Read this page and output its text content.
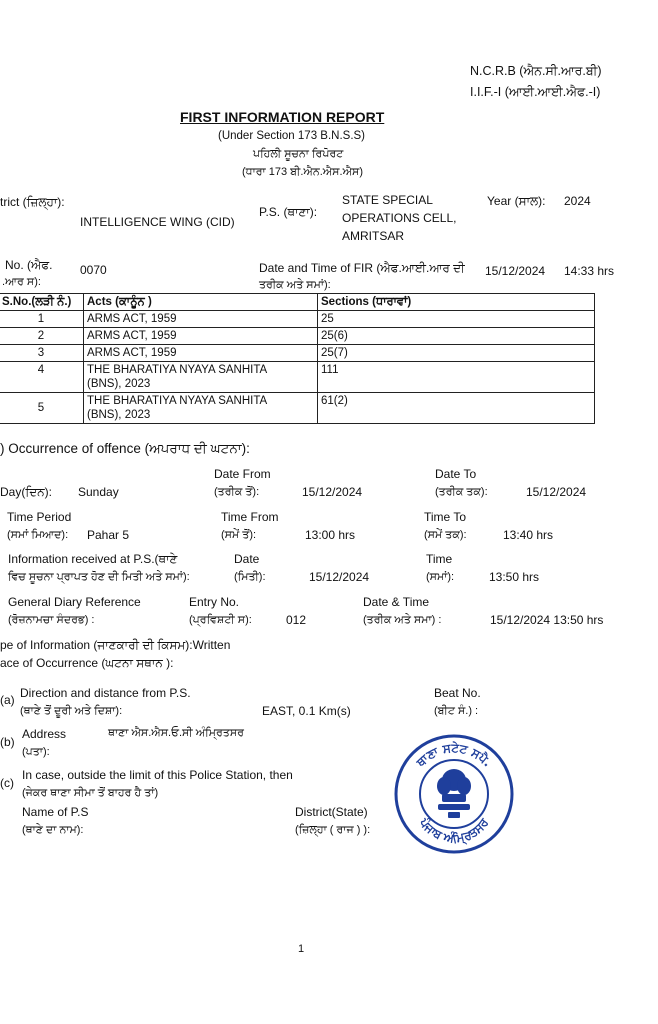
N.C.R.B (ਐਨ.ਸੀ.ਆਰ.ਬੀ)
I.I.F.-I (ਆਈ.ਆਈ.ਐਫ.-I)
FIRST INFORMATION REPORT
(Under Section 173 B.N.S.S)
ਪਹਿਲੀ ਸੂਚਨਾ ਰਿਪੋਰਟ
(ਧਾਰਾ 173 ਬੀ.ਐਨ.ਐਸ.ਐਸ)
trict (ਜ਼ਿਲ੍ਹਾ):
INTELLIGENCE WING (CID)
P.S. (ਥਾਣਾ):
STATE SPECIAL
OPERATIONS CELL,
AMRITSAR
Year (ਸਾਲ): 2024
No. (ਐਫ.
.ਆਰ ਸ):
0070	Date and Time of FIR (ਐਫ.ਆਈ.ਆਰ ਦੀ
ਤਰੀਕ ਅਤੇ ਸਮਾਂ):
15/12/2024 14:33 hrs
S.No.(ਲੜੀ ਨੰ.)	Acts (ਕਾਨੂੰਨ )	Sections (ਧਾਰਾਵਾਂ)
1	ARMS ACT, 1959	25
2	ARMS ACT, 1959	25(6)
3	ARMS ACT, 1959	25(7)
4	THE BHARATIYA NYAYA SANHITA
(BNS), 2023	111
5	THE BHARATIYA NYAYA SANHITA
(BNS), 2023	61(2)
) Occurrence of offence (ਅਪਰਾਧ ਦੀ ਘਟਨਾ):
Date From
(ਤਰੀਕ ਤੋਂ):	15/12/2024
Date To
(ਤਰੀਕ ਤਕ):	15/12/2024
Day(ਦਿਨ): Sunday
Time Period
(ਸਮਾਂ ਮਿਆਦ): Pahar 5
Time From
(ਸਮੇਂ ਤੋਂ):	13:00 hrs
Time To
(ਸਮੇਂ ਤਕ):	13:40 hrs
Information received at P.S.(ਥਾਣੇ
ਵਿਚ ਸੂਚਨਾ ਪ੍ਰਾਪਤ ਹੋਣ ਦੀ ਮਿਤੀ ਅਤੇ ਸਮਾਂ):
Date
(ਮਿਤੀ):	15/12/2024
Time
(ਸਮਾਂ):	13:50 hrs
General Diary Reference
(ਰੋਜ਼ਨਾਮਚਾ ਸੰਦਰਭ) :
Entry No.
(ਪ੍ਰਵਿਸ਼ਟੀ ਸ):	012
Date & Time
(ਤਰੀਕ ਅਤੇ ਸਮਾ) :	15/12/2024 13:50 hrs
pe of Information (ਜਾਣਕਾਰੀ ਦੀ ਕਿਸਮ):Written
ace of Occurrence (ਘਟਨਾ ਸਥਾਨ ):
(a) Direction and distance from P.S.
(ਥਾਣੇ ਤੋਂ ਦੂਰੀ ਅਤੇ ਦਿਸ਼ਾ):	EAST, 0.1 Km(s)
Beat No.
(ਬੀਟ ਸੰ.) :
(b)
Address
(ਪਤਾ):
ਥਾਣਾ ਐਸ.ਐਸ.ਓ.ਸੀ ਅੰਮ੍ਰਿਤਸਰ
(c)
In case, outside the limit of this Police Station, then
(ਜੇਕਰ ਥਾਣਾ ਸੀਮਾ ਤੋਂ ਬਾਹਰ ਹੈ ਤਾਂ)
Name of P.S
(ਥਾਣੇ ਦਾ ਨਾਮ):
District(State)
(ਜ਼ਿਲ੍ਹਾ ( ਰਾਜ ) ):
ਥਾਣਾ ਸਟੇਟ ਸਪੈ.
ਪੰਜਾਬ ਅੰਮ੍ਰਿਤਸਰ
1
